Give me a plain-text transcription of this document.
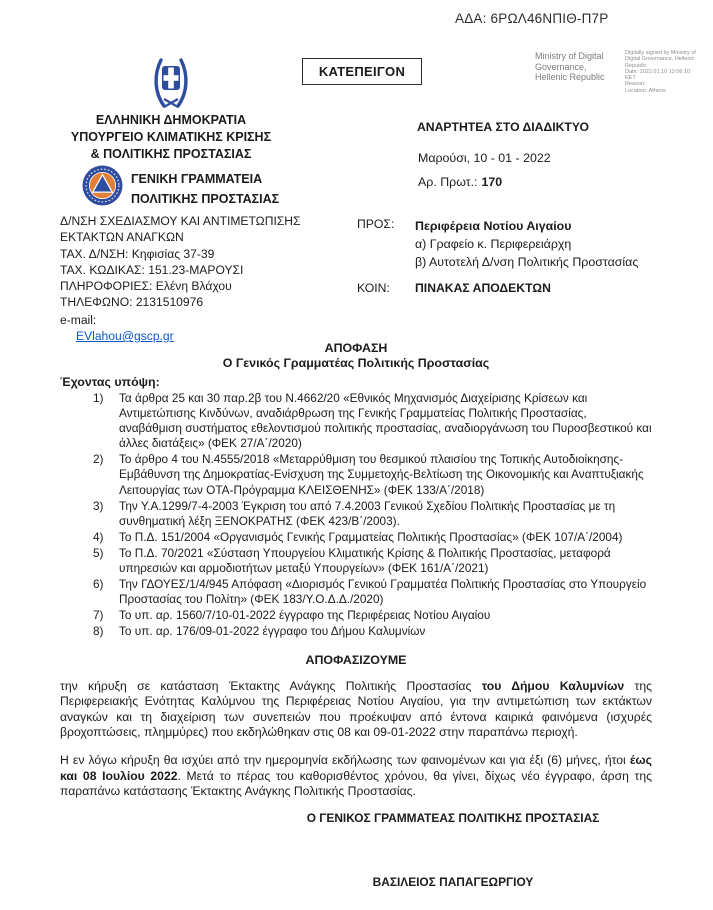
ΑΔΑ: 6ΡΩΛ46ΝΠΙΘ-Π7Ρ
ΚΑΤΕΠΕΙΓΟΝ
Ministry of Digital
Governance,
Hellenic Republic
Digitally signed by Ministry of
Digital Governance, Hellenic
Republic
Date: 2022.01.10 12:06:10
EET
Reason:
Location: Athens
ΕΛΛΗΝΙΚΗ ΔΗΜΟΚΡΑΤΙΑ
ΥΠΟΥΡΓΕΙΟ ΚΛΙΜΑΤΙΚΗΣ ΚΡΙΣΗΣ
& ΠΟΛΙΤΙΚΗΣ ΠΡΟΣΤΑΣΙΑΣ
ΓΕΝΙΚΗ ΓΡΑΜΜΑΤΕΙΑ
ΠΟΛΙΤΙΚΗΣ ΠΡΟΣΤΑΣΙΑΣ
Δ/ΝΣΗ ΣΧΕΔΙΑΣΜΟΥ ΚΑΙ ΑΝΤΙΜΕΤΩΠΙΣΗΣ
ΕΚΤΑΚΤΩΝ ΑΝΑΓΚΩΝ
ΤΑΧ. Δ/ΝΣΗ: Κηφισίας 37-39
ΤΑΧ. ΚΩΔΙΚΑΣ: 151.23-ΜΑΡΟΥΣΙ
ΠΛΗΡΟΦΟΡΙΕΣ: Ελένη Βλάχου
ΤΗΛΕΦΩΝΟ: 2131510976
e-mail:
EVlahou@gscp.gr
ΑΝΑΡΤΗΤΕΑ ΣΤΟ ΔΙΑΔΙΚΤΥΟ
Μαρούσι, 10 - 01 - 2022
Αρ. Πρωτ.: 170
ΠΡΟΣ: Περιφέρεια Νοτίου Αιγαίου
α) Γραφείο κ. Περιφερειάρχη
β) Αυτοτελή Δ/νση Πολιτικής Προστασίας
ΚΟΙΝ: ΠΙΝΑΚΑΣ ΑΠΟΔΕΚΤΩΝ
ΑΠΟΦΑΣΗ
Ο Γενικός Γραμματέας Πολιτικής Προστασίας
Έχοντας υπόψη:
1)	Τα άρθρα 25 και 30 παρ.2β του Ν.4662/20 «Εθνικός Μηχανισμός Διαχείρισης Κρίσεων και Αντιμετώπισης Κινδύνων, αναδιάρθρωση της Γενικής Γραμματείας Πολιτικής Προστασίας, αναβάθμιση συστήματος εθελοντισμού πολιτικής προστασίας, αναδιοργάνωση του Πυροσβεστικού και άλλες διατάξεις» (ΦΕΚ 27/Α΄/2020)
2)	Το άρθρο 4 του Ν.4555/2018 «Μεταρρύθμιση του θεσμικού πλαισίου της Τοπικής Αυτοδιοίκησης-Εμβάθυνση της Δημοκρατίας-Ενίσχυση της Συμμετοχής-Βελτίωση της Οικονομικής και Αναπτυξιακής Λειτουργίας των ΟΤΑ-Πρόγραμμα ΚΛΕΙΣΘΕΝΗΣ» (ΦΕΚ 133/Α΄/2018)
3)	Την Υ.Α.1299/7-4-2003 Έγκριση του από 7.4.2003 Γενικού Σχεδίου Πολιτικής Προστασίας με τη συνθηματική λέξη ΞΕΝΟΚΡΑΤΗΣ (ΦΕΚ 423/Β΄/2003).
4)	Το Π.Δ. 151/2004 «Οργανισμός Γενικής Γραμματείας Πολιτικής Προστασίας» (ΦΕΚ 107/Α΄/2004)
5)	Το Π.Δ. 70/2021 «Σύσταση Υπουργείου Κλιματικής Κρίσης & Πολιτικής Προστασίας, μεταφορά υπηρεσιών και αρμοδιοτήτων μεταξύ Υπουργείων» (ΦΕΚ 161/Α΄/2021)
6)	Την ΓΔΟΥΕΣ/1/4/945 Απόφαση «Διορισμός Γενικού Γραμματέα Πολιτικής Προστασίας στο Υπουργείο Προστασίας του Πολίτη» (ΦΕΚ 183/Υ.Ο.Δ.Δ./2020)
7)	Το υπ. αρ. 1560/7/10-01-2022 έγγραφο της Περιφέρειας Νοτίου Αιγαίου
8)	Το υπ. αρ. 176/09-01-2022 έγγραφο του Δήμου Καλυμνίων
ΑΠΟΦΑΣΙΖΟΥΜΕ

την κήρυξη σε κατάσταση Έκτακτης Ανάγκης Πολιτικής Προστασίας του Δήμου Καλυμνίων της Περιφερειακής Ενότητας Καλύμνου της Περιφέρειας Νοτίου Αιγαίου, για την αντιμετώπιση των εκτάκτων αναγκών και τη διαχείριση των συνεπειών που προέκυψαν από έντονα καιρικά φαινόμενα (ισχυρές βροχοπτώσεις, πλημμύρες) που εκδηλώθηκαν στις 08 και 09-01-2022 στην παραπάνω περιοχή.

Η εν λόγω κήρυξη θα ισχύει από την ημερομηνία εκδήλωσης των φαινομένων και για έξι (6) μήνες, ήτοι έως και 08 Ιουλίου 2022. Μετά το πέρας του καθορισθέντος χρόνου, θα γίνει, δίχως νέο έγγραφο, άρση της παραπάνω κατάστασης Έκτακτης Ανάγκης Πολιτικής Προστασίας.

Ο ΓΕΝΙΚΟΣ ΓΡΑΜΜΑΤΕΑΣ ΠΟΛΙΤΙΚΗΣ ΠΡΟΣΤΑΣΙΑΣ
ΒΑΣΙΛΕΙΟΣ ΠΑΠΑΓΕΩΡΓΙΟΥ
